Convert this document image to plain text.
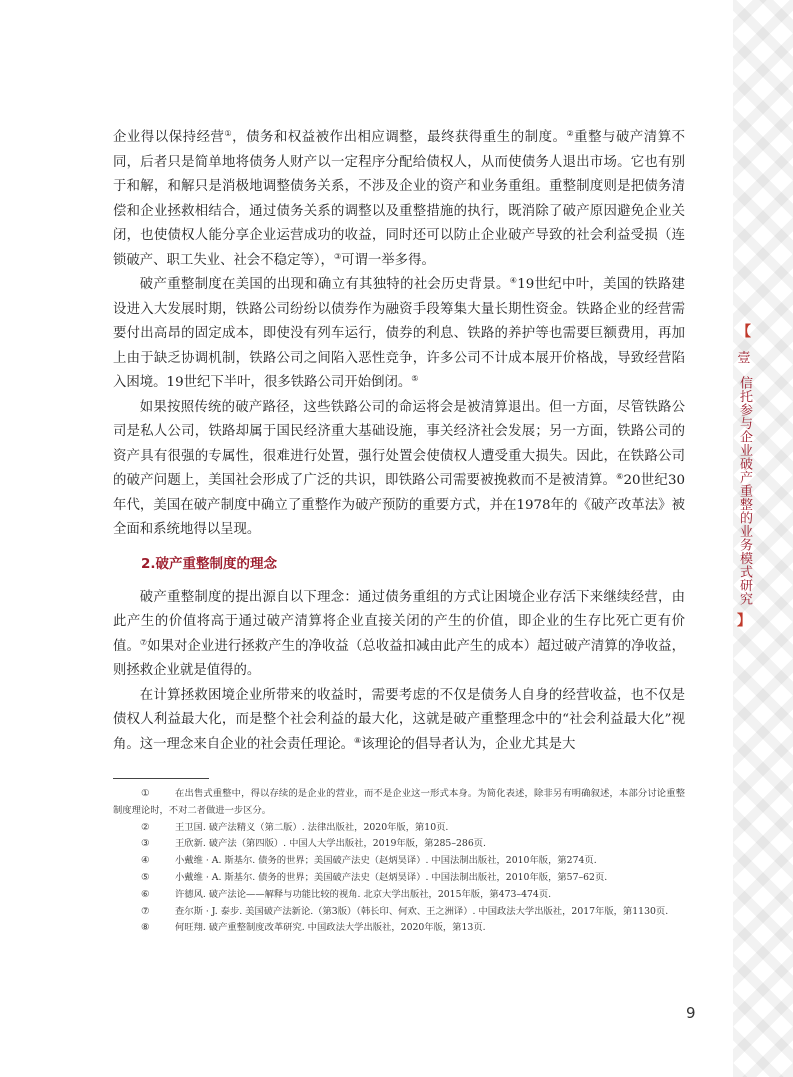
【
壹
信托参与企业破产重整的业务模式研究
】

企业得以保持经营①，债务和权益被作出相应调整，最终获得重生的制度。②重整与破产清算不同，后者只是简单地将债务人财产以一定程序分配给债权人，从而使债务人退出市场。它也有别于和解，和解只是消极地调整债务关系，不涉及企业的资产和业务重组。重整制度则是把债务清偿和企业拯救相结合，通过债务关系的调整以及重整措施的执行，既消除了破产原因避免企业关闭，也使债权人能分享企业运营成功的收益，同时还可以防止企业破产导致的社会利益受损（连锁破产、职工失业、社会不稳定等），③可谓一举多得。

破产重整制度在美国的出现和确立有其独特的社会历史背景。④19世纪中叶，美国的铁路建设进入大发展时期，铁路公司纷纷以债券作为融资手段筹集大量长期性资金。铁路企业的经营需要付出高昂的固定成本，即使没有列车运行，债券的利息、铁路的养护等也需要巨额费用，再加上由于缺乏协调机制，铁路公司之间陷入恶性竞争，许多公司不计成本展开价格战，导致经营陷入困境。19世纪下半叶，很多铁路公司开始倒闭。⑤

如果按照传统的破产路径，这些铁路公司的命运将会是被清算退出。但一方面，尽管铁路公司是私人公司，铁路却属于国民经济重大基础设施，事关经济社会发展；另一方面，铁路公司的资产具有很强的专属性，很难进行处置，强行处置会使债权人遭受重大损失。因此，在铁路公司的破产问题上，美国社会形成了广泛的共识，即铁路公司需要被挽救而不是被清算。⑥20世纪30年代，美国在破产制度中确立了重整作为破产预防的重要方式，并在1978年的《破产改革法》被全面和系统地得以呈现。

2.破产重整制度的理念

破产重整制度的提出源自以下理念：通过债务重组的方式让困境企业存活下来继续经营，由此产生的价值将高于通过破产清算将企业直接关闭的产生的价值，即企业的生存比死亡更有价值。⑦如果对企业进行拯救产生的净收益（总收益扣减由此产生的成本）超过破产清算的净收益，则拯救企业就是值得的。

在计算拯救困境企业所带来的收益时，需要考虑的不仅是债务人自身的经营收益，也不仅是债权人利益最大化，而是整个社会利益的最大化，这就是破产重整理念中的“社会利益最大化”视角。这一理念来自企业的社会责任理论。⑧该理论的倡导者认为，企业尤其是大

①	在出售式重整中，得以存续的是企业的营业，而不是企业这一形式本身。为简化表述，除非另有明确叙述，本部分讨论重整制度理论时，不对二者做进一步区分。
②	王卫国. 破产法精义（第二版）. 法律出版社，2020年版，第10页.
③	王欣新. 破产法（第四版）. 中国人大学出版社，2019年版，第285–286页.
④	小戴维 · A. 斯基尔. 债务的世界；美国破产法史（赵炳昊译）. 中国法制出版社，2010年版，第274页.
⑤	小戴维 · A. 斯基尔. 债务的世界；美国破产法史（赵炳昊译）. 中国法制出版社，2010年版，第57–62页.
⑥	许德风. 破产法论——解释与功能比较的视角. 北京大学出版社，2015年版，第473–474页.
⑦	查尔斯 · J. 泰步. 美国破产法新论.（第3版）（韩长印、何欢、王之洲译）. 中国政法大学出版社，2017年版，第1130页.
⑧	何旺翔. 破产重整制度改革研究. 中国政法大学出版社，2020年版，第13页.
9
